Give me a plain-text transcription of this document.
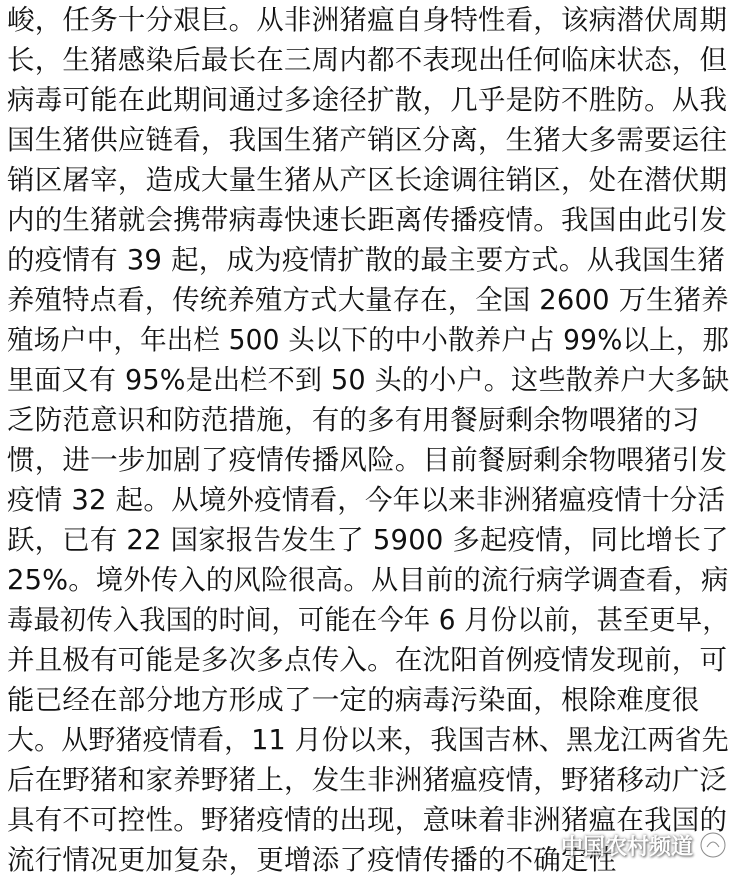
峻，任务十分艰巨。从非洲猪瘟自身特性看，该病潜伏周期
长，生猪感染后最长在三周内都不表现出任何临床状态，但
病毒可能在此期间通过多途径扩散，几乎是防不胜防。从我
国生猪供应链看，我国生猪产销区分离，生猪大多需要运往
销区屠宰，造成大量生猪从产区长途调往销区，处在潜伏期
内的生猪就会携带病毒快速长距离传播疫情。我国由此引发
的疫情有 39 起，成为疫情扩散的最主要方式。从我国生猪
养殖特点看，传统养殖方式大量存在，全国 2600 万生猪养
殖场户中，年出栏 500 头以下的中小散养户占 99%以上，那
里面又有 95%是出栏不到 50 头的小户。这些散养户大多缺
乏防范意识和防范措施，有的多有用餐厨剩余物喂猪的习
惯，进一步加剧了疫情传播风险。目前餐厨剩余物喂猪引发
疫情 32 起。从境外疫情看，今年以来非洲猪瘟疫情十分活
跃，已有 22 国家报告发生了 5900 多起疫情，同比增长了
25%。境外传入的风险很高。从目前的流行病学调查看，病
毒最初传入我国的时间，可能在今年 6 月份以前，甚至更早，
并且极有可能是多次多点传入。在沈阳首例疫情发现前，可
能已经在部分地方形成了一定的病毒污染面，根除难度很
大。从野猪疫情看，11 月份以来，我国吉林、黑龙江两省先
后在野猪和家养野猪上，发生非洲猪瘟疫情，野猪移动广泛
具有不可控性。野猪疫情的出现，意味着非洲猪瘟在我国的
流行情况更加复杂，更增添了疫情传播的不确定性
中国农村频道
